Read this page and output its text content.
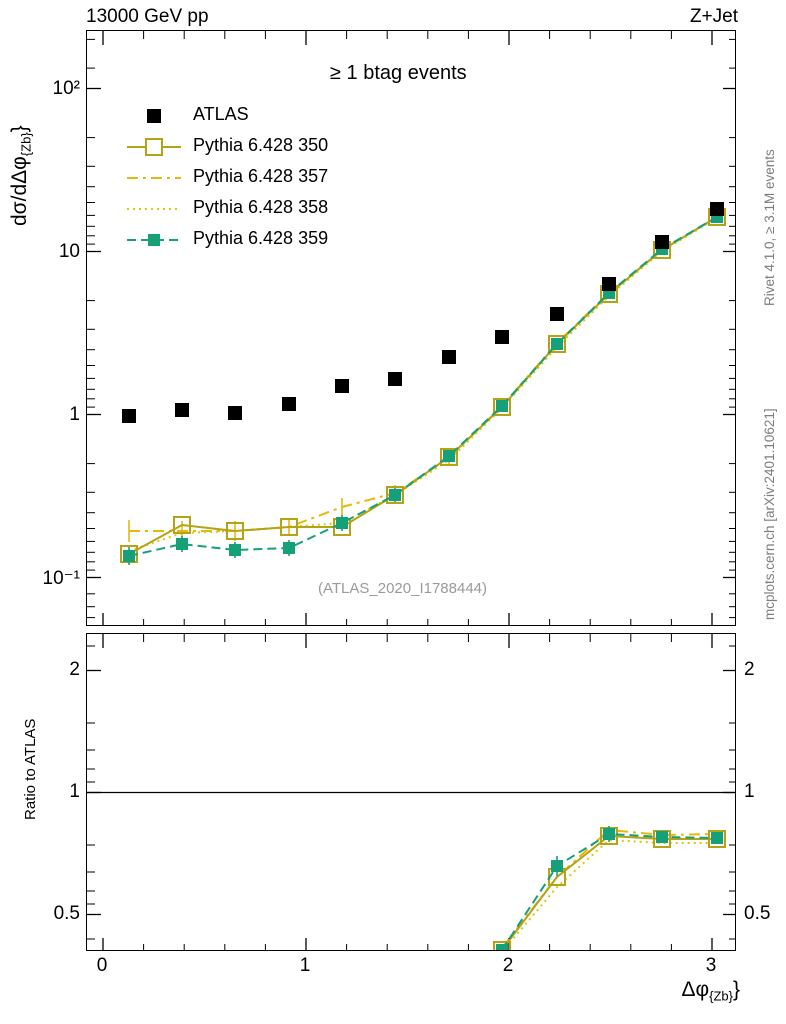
13000 GeV pp	Z+Jet
Rivet 4.1.0, ≥ 3.1M events
mcplots.cern.ch [arXiv:2401.10621]
dσ/dΔφ$_{\{Zb\}}$}
10²
10
1
10⁻¹
≥ 1 btag events
(ATLAS_2020_I1788444)
ATLAS
Pythia 6.428 350
Pythia 6.428 357
Pythia 6.428 358
Pythia 6.428 359
Ratio to ATLAS
2
1
0.5
2
1
0.5
0	1	2	3
$\Delta\varphi_{\{Zb\}}$}
